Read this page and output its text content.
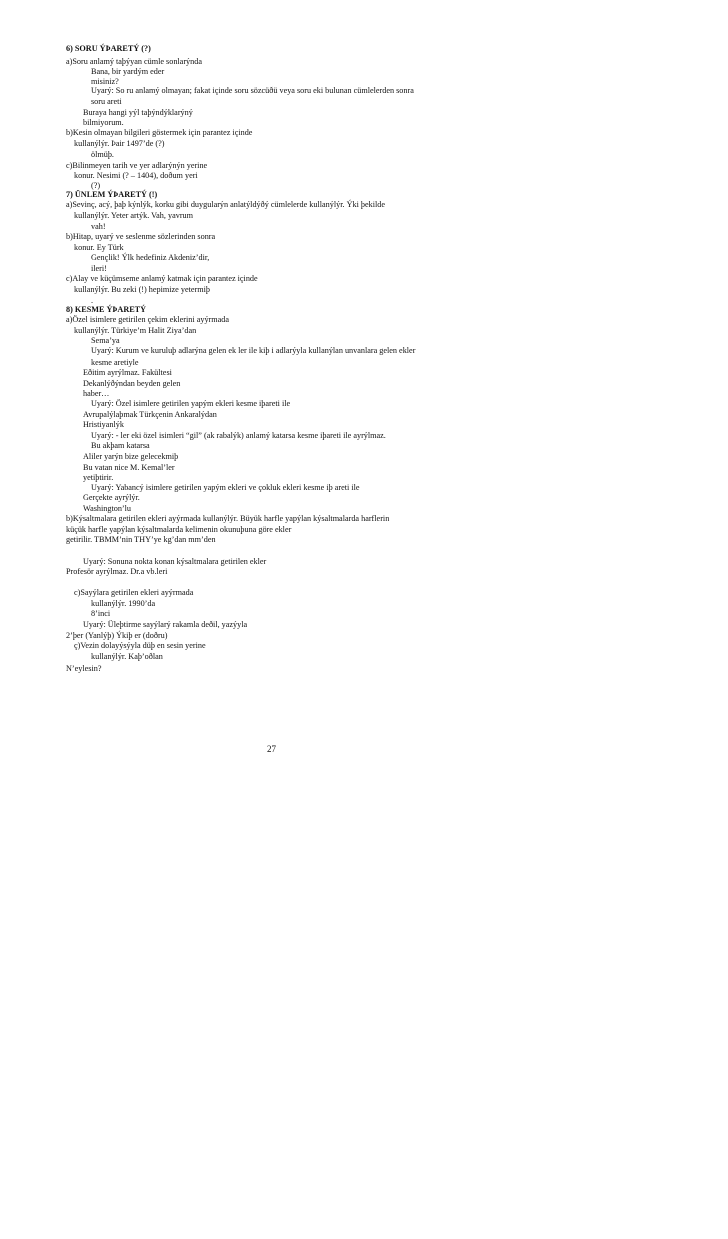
6) SORU ÝÞARETÝ (?)
a)Soru anlamý taþýyan cümle sonlarýnda
Bana, bir yardým eder
misiniz?
Uyarý: So ru anlamý olmayan; fakat içinde soru sözcüðü veya soru eki bulunan cümlelerden sonra
soru areti
Buraya hangi yýl taþýndýklarýný
bilmiyorum.
b)Kesin olmayan bilgileri göstermek için parantez içinde
kullanýlýr. Þair 1497’de (?)
ölmüþ.
c)Bilinmeyen tarih ve yer adlarýnýn yerine
konur. Nesimi (? – 1404), doðum yeri
(?)
7) ÜNLEM ÝÞARETÝ (!)
a)Sevinç, acý, þaþ kýnlýk, korku gibi duygularýn anlatýldýðý cümlelerde kullanýlýr. Ýki þekilde
kullanýlýr. Yeter artýk. Vah, yavrum
vah!
b)Hitap, uyarý ve seslenme sözlerinden sonra
konur. Ey Türk
Gençlik! Ýlk hedefiniz Akdeniz’dir,
ileri!
c)Alay ve küçümseme anlamý katmak için parantez içinde
kullanýlýr. Bu zeki (!) hepimize yetermiþ
.
8) KESME ÝÞARETÝ
a)Özel isimlere getirilen çekim eklerini ayýrmada
kullanýlýr. Türkiye’m Halit Ziya’dan
Sema’ya
Uyarý: Kurum ve kuruluþ adlarýna gelen ek ler ile kiþ i adlarýyla kullanýlan unvanlara gelen ekler
kesme aretiyle
Eðitim ayrýlmaz. Fakültesi
Dekanlýðýndan beyden gelen
haber…
Uyarý: Özel isimlere getirilen yapým ekleri kesme iþareti ile
Avrupalýlaþmak Türkçenin Ankaralýdan
Hristiyanlýk
Uyarý: - ler eki özel isimleri “gil” (ak rabalýk) anlamý katarsa kesme iþareti ile ayrýlmaz.
Bu akþam katarsa
Aliler yarýn bize gelecekmiþ
Bu vatan nice M. Kemal’ler
yetiþtirir.
Uyarý: Yabancý isimlere getirilen yapým ekleri ve çokluk ekleri kesme iþ areti ile
Gerçekte ayrýlýr.
Washington’lu
b)Kýsaltmalara getirilen ekleri ayýrmada kullanýlýr. Büyük harfle yapýlan kýsaltmalarda harflerin
küçük harfle yapýlan kýsaltmalarda kelimenin okunuþuna göre ekler
getirilir. TBMM’nin THY’ye kg’dan mm’den
Uyarý: Sonuna nokta konan kýsaltmalara getirilen ekler
Profesör ayrýlmaz. Dr.a vb.leri
c)Sayýlara getirilen ekleri ayýrmada
kullanýlýr. 1990’da
8’inci
Uyarý: Üleþtirme sayýlarý rakamla deðil, yazýyla
2’þer (Yanlýþ) Ýkiþ er (doðru)
ç)Vezin dolayýsýyla düþ en sesin yerine
kullanýlýr. Kaþ’oðlan
N’eylesin?
27
